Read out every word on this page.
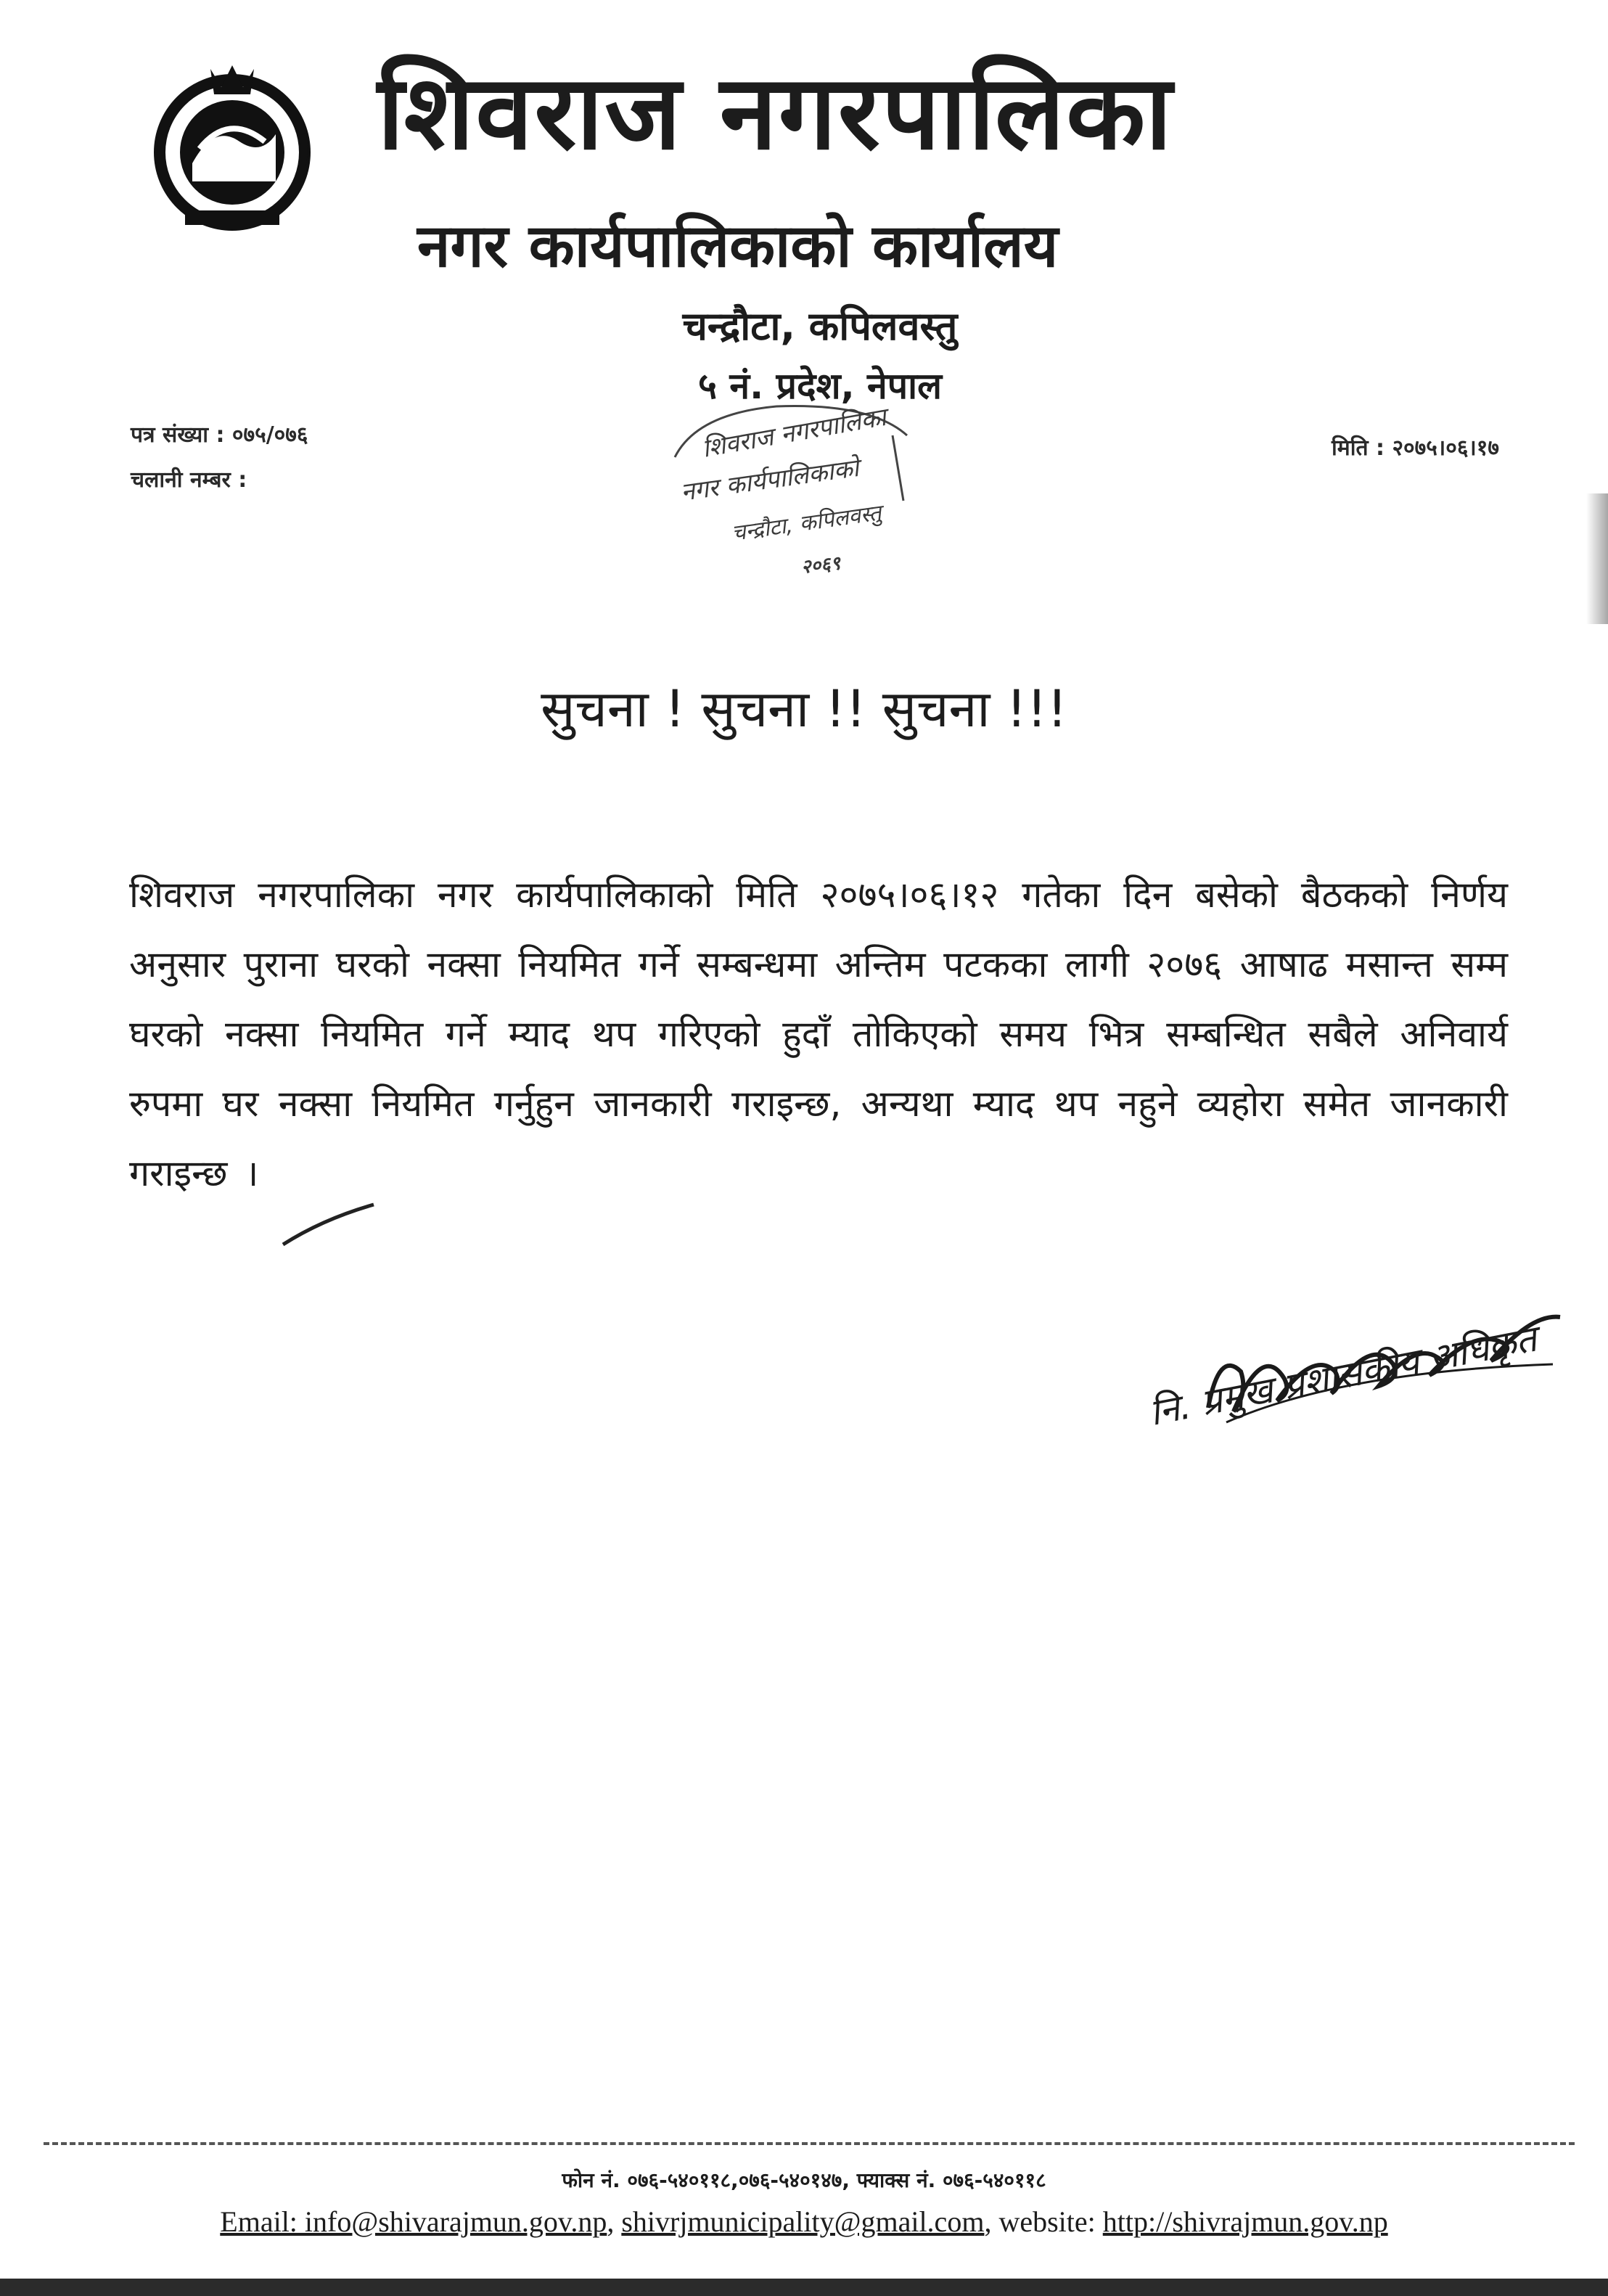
शिवराज नगरपालिका
नगर कार्यपालिकाको कार्यालय
चन्द्रौटा, कपिलवस्तु
५ नं. प्रदेश, नेपाल
पत्र संख्या : ०७५/०७६
चलानी नम्बर :
मिति : २०७५।०६।१७
शिवराज नगरपालिका
नगर कार्यपालिकाको
चन्द्रौटा, कपिलवस्तु
२०६९
सुचना ! सुचना !! सुचना !!!
शिवराज नगरपालिका नगर कार्यपालिकाको मिति २०७५।०६।१२ गतेका दिन बसेको बैठकको निर्णय अनुसार पुराना घरको नक्सा नियमित गर्ने सम्बन्धमा अन्तिम पटकका लागी २०७६ आषाढ मसान्त सम्म घरको नक्सा नियमित गर्ने म्याद थप गरिएको हुदाँ तोकिएको समय भित्र सम्बन्धित सबैले अनिवार्य रुपमा घर नक्सा नियमित गर्नुहुन जानकारी गराइन्छ, अन्यथा म्याद थप नहुने व्यहोरा समेत जानकारी गराइन्छ ।
नि. प्रमुख प्रशासकीय अधिकृत
फोन नं. ०७६-५४०११८,०७६-५४०१४७, फ्याक्स नं. ०७६-५४०११८
Email: info@shivarajmun.gov.np, shivrjmunicipality@gmail.com, website: http://shivrajmun.gov.np
